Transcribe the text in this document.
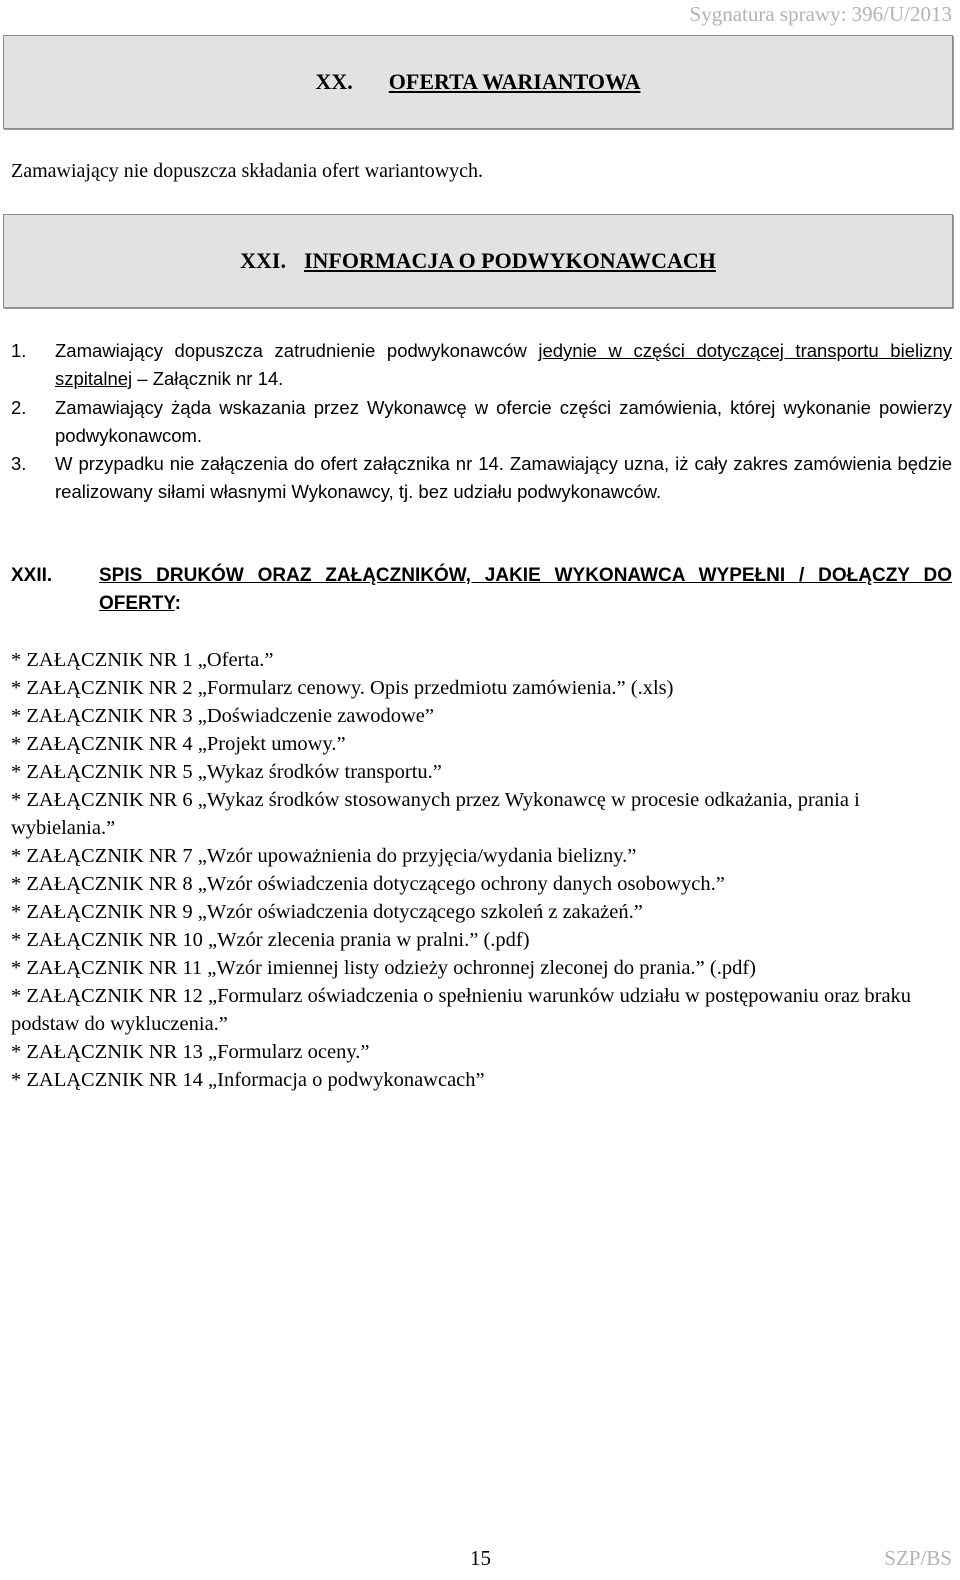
Sygnatura sprawy: 396/U/2013
XX. OFERTA WARIANTOWA
Zamawiający nie dopuszcza składania ofert wariantowych.
XXI. INFORMACJA O PODWYKONAWCACH
1. Zamawiający dopuszcza zatrudnienie podwykonawców jedynie w części dotyczącej transportu bielizny szpitalnej – Załącznik nr 14.
2. Zamawiający żąda wskazania przez Wykonawcę w ofercie części zamówienia, której wykonanie powierzy podwykonawcom.
3. W przypadku nie załączenia do ofert załącznika nr 14. Zamawiający uzna, iż cały zakres zamówienia będzie realizowany siłami własnymi Wykonawcy, tj. bez udziału podwykonawców.
XXII. SPIS DRUKÓW ORAZ ZAŁĄCZNIKÓW, JAKIE WYKONAWCA WYPEŁNI / DOŁĄCZY DO OFERTY:
* ZAŁĄCZNIK NR 1 „Oferta.”
* ZAŁĄCZNIK NR 2 „Formularz cenowy. Opis przedmiotu zamówienia.” (.xls)
* ZAŁĄCZNIK NR 3 „Doświadczenie zawodowe”
* ZAŁĄCZNIK NR 4 „Projekt umowy.”
* ZAŁĄCZNIK NR 5 „Wykaz środków transportu.”
* ZAŁĄCZNIK NR 6 „Wykaz środków stosowanych przez Wykonawcę w procesie odkażania, prania i wybielania.”
* ZAŁĄCZNIK NR 7 „Wzór upoważnienia do przyjęcia/wydania bielizny.”
* ZAŁĄCZNIK NR 8 „Wzór oświadczenia dotyczącego ochrony danych osobowych.”
* ZAŁĄCZNIK NR 9 „Wzór oświadczenia dotyczącego szkoleń z zakażeń.”
* ZAŁĄCZNIK NR 10 „Wzór zlecenia prania w pralni.” (.pdf)
* ZAŁĄCZNIK NR 11 „Wzór imiennej listy odzieży ochronnej zleconej do prania.” (.pdf)
* ZAŁĄCZNIK NR 12 „Formularz oświadczenia o spełnieniu warunków udziału w postępowaniu oraz braku podstaw do wykluczenia.”
* ZAŁĄCZNIK NR 13 „Formularz oceny.”
* ZALĄCZNIK NR 14 „Informacja o podwykonawcach”
15	SZP/BS
